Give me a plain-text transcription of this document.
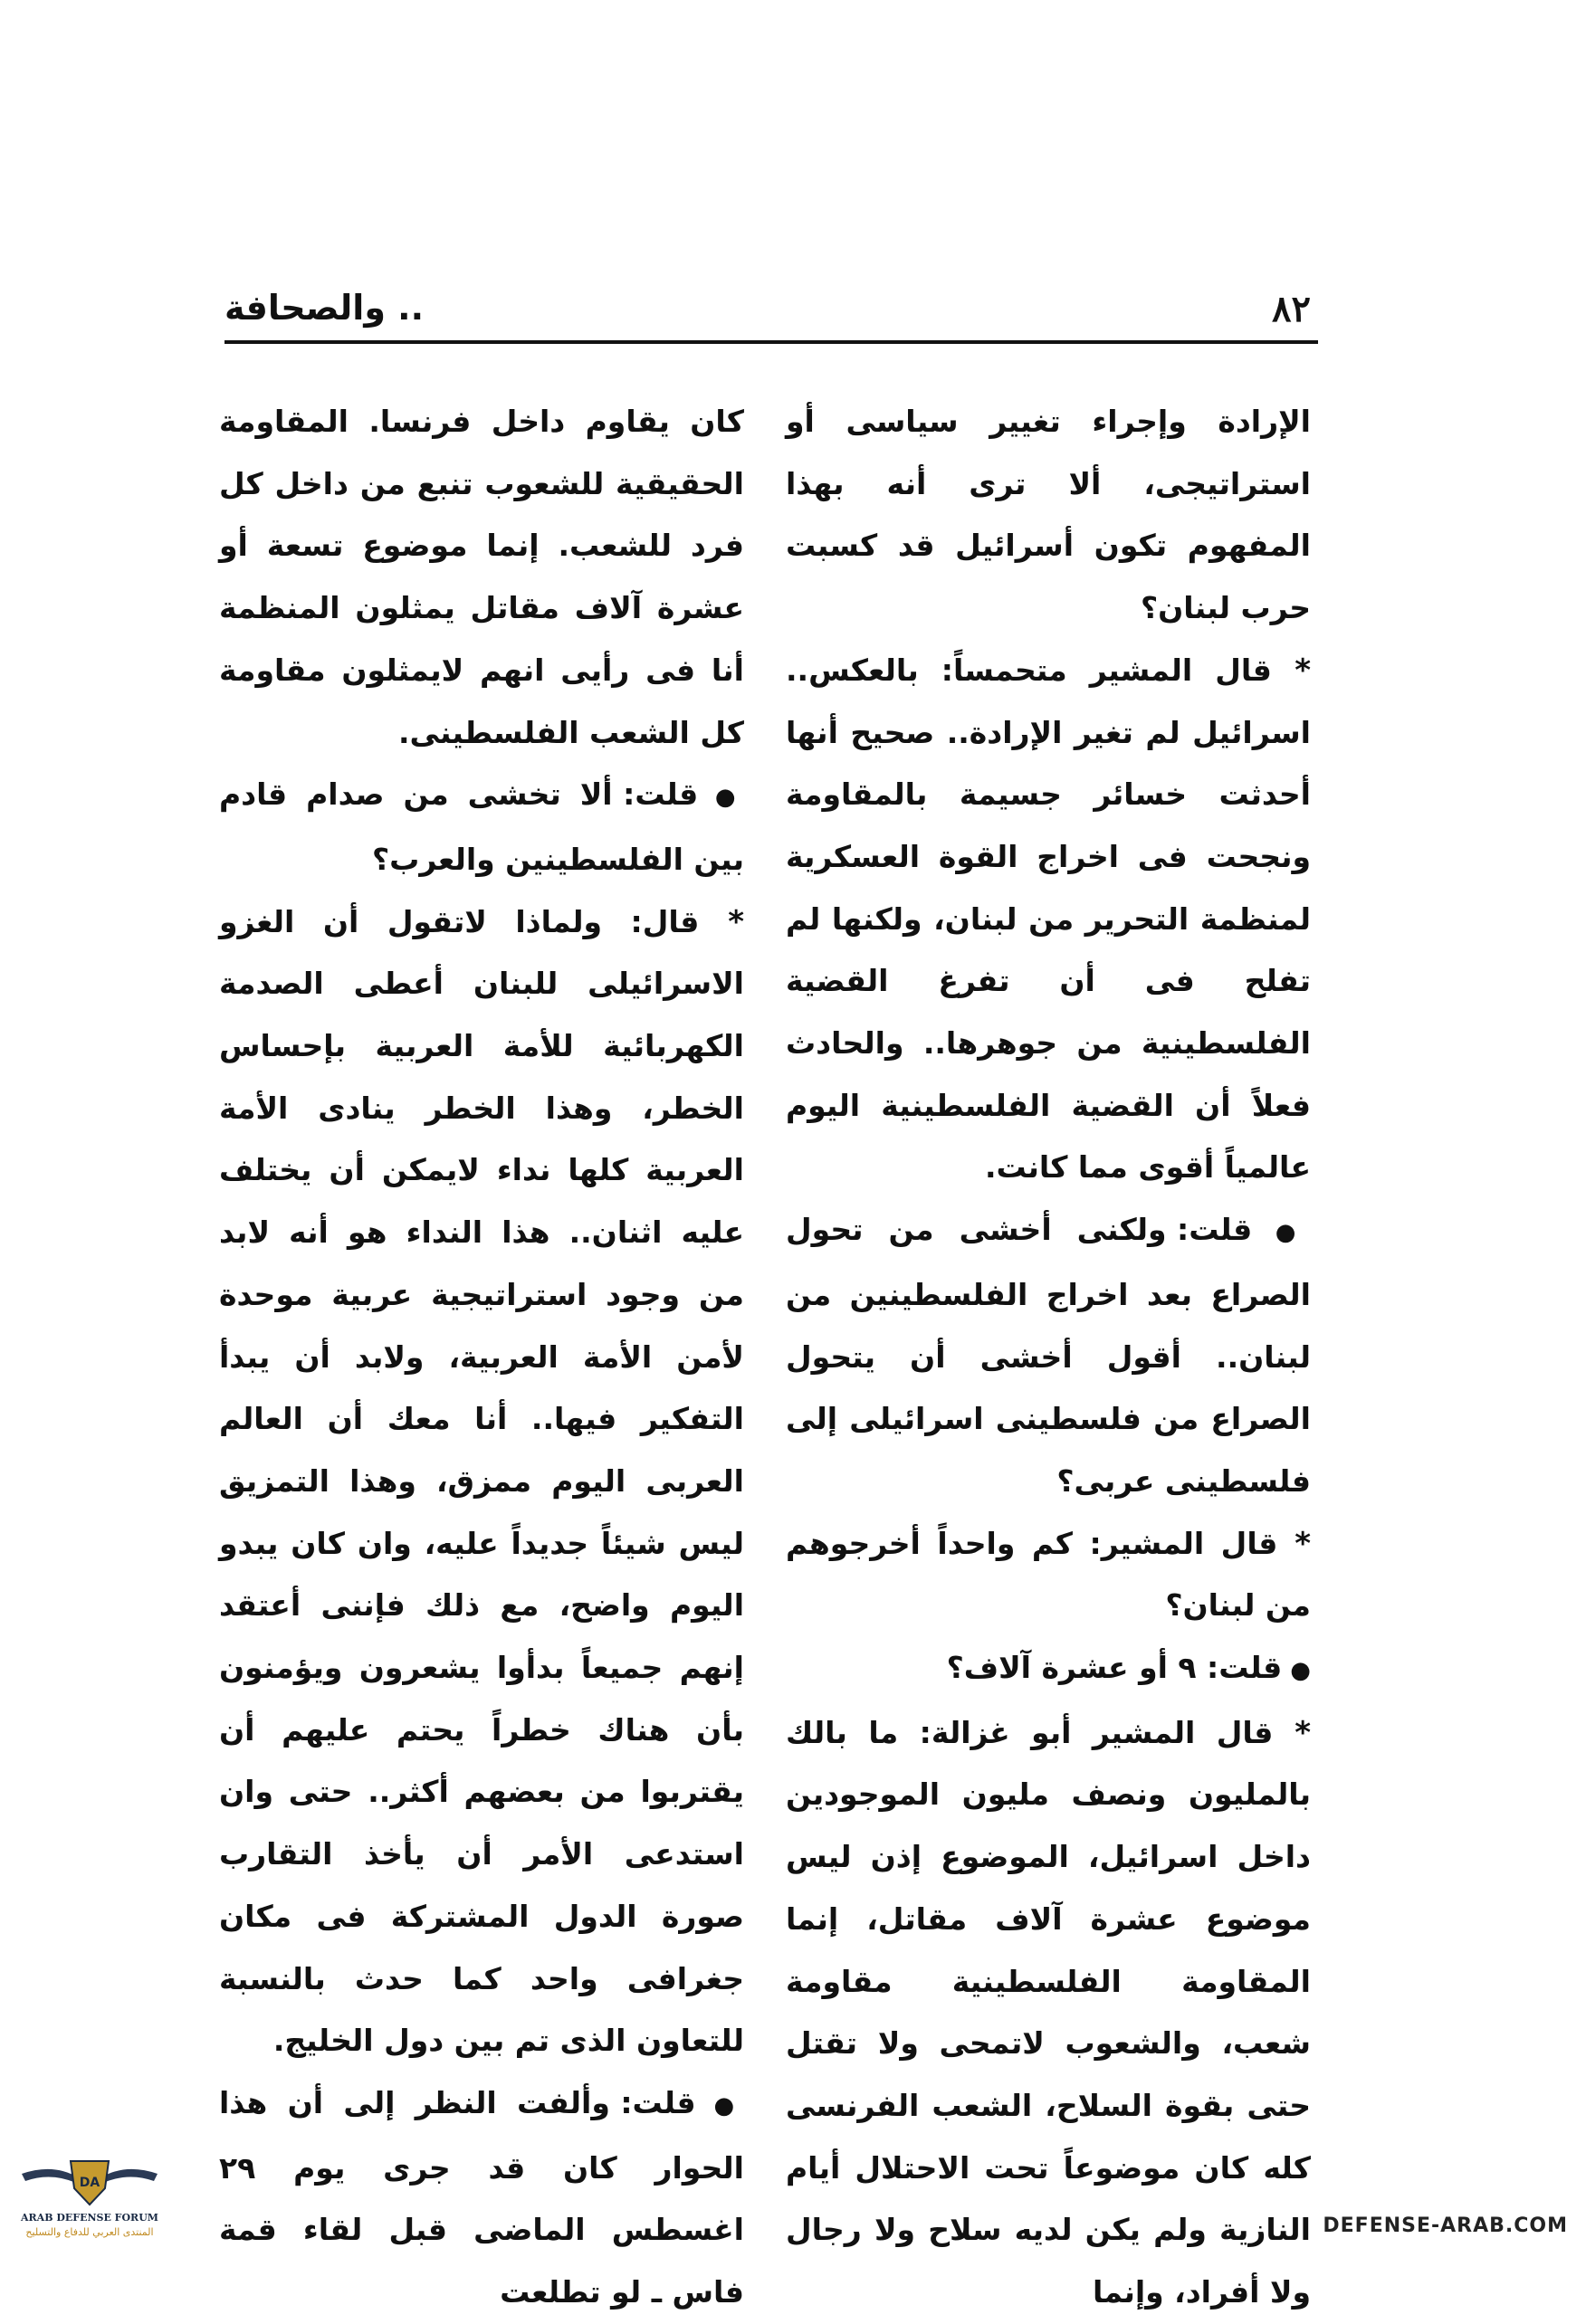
٨٢
.. والصحافة

الإرادة وإجراء تغيير سياسى أو استراتيجى، ألا ترى أنه بهذا المفهوم تكون أسرائيل قد كسبت حرب لبنان؟

* قال المشير متحمساً: بالعكس.. اسرائيل لم تغير الإرادة.. صحيح أنها أحدثت خسائر جسيمة بالمقاومة ونجحت فى اخراج القوة العسكرية لمنظمة التحرير من لبنان، ولكنها لم تفلح فى أن تفرغ القضية الفلسطينية من جوهرها.. والحادث فعلاً أن القضية الفلسطينية اليوم عالمياً أقوى مما كانت.

● قلت: ولكنى أخشى من تحول الصراع بعد اخراج الفلسطينين من لبنان.. أقول أخشى أن يتحول الصراع من فلسطينى اسرائيلى إلى فلسطينى عربى؟

* قال المشير: كم واحداً أخرجوهم من لبنان؟

● قلت: ٩ أو عشرة آلاف؟

* قال المشير أبو غزالة: ما بالك بالمليون ونصف مليون الموجودين داخل اسرائيل، الموضوع إذن ليس موضوع عشرة آلاف مقاتل، إنما المقاومة الفلسطينية مقاومة شعب، والشعوب لاتمحى ولا تقتل حتى بقوة السلاح، الشعب الفرنسى كله كان موضوعاً تحت الاحتلال أيام النازية ولم يكن لديه سلاح ولا رجال ولا أفراد، وإنما

كان يقاوم داخل فرنسا. المقاومة الحقيقية للشعوب تنبع من داخل كل فرد للشعب. إنما موضوع تسعة أو عشرة آلاف مقاتل يمثلون المنظمة أنا فى رأيى انهم لايمثلون مقاومة كل الشعب الفلسطينى.

● قلت: ألا تخشى من صدام قادم بين الفلسطينين والعرب؟

* قال: ولماذا لاتقول أن الغزو الاسرائيلى للبنان أعطى الصدمة الكهربائية للأمة العربية بإحساس الخطر، وهذا الخطر ينادى الأمة العربية كلها نداء لايمكن أن يختلف عليه اثنان.. هذا النداء هو أنه لابد من وجود استراتيجية عربية موحدة لأمن الأمة العربية، ولابد أن يبدأ التفكير فيها.. أنا معك أن العالم العربى اليوم ممزق، وهذا التمزيق ليس شيئاً جديداً عليه، وان كان يبدو اليوم واضح، مع ذلك فإننى أعتقد إنهم جميعاً بدأوا يشعرون ويؤمنون بأن هناك خطراً يحتم عليهم أن يقتربوا من بعضهم أكثر.. حتى وان استدعى الأمر أن يأخذ التقارب صورة الدول المشتركة فى مكان جغرافى واحد كما حدث بالنسبة للتعاون الذى تم بين دول الخليج.

● قلت: وألفت النظر إلى أن هذا الحوار كان قد جرى يوم ٢٩ اغسطس الماضى قبل لقاء قمة فاس ـ لو تطلعت

DA
ARAB DEFENSE FORUM
المنتدى العربي للدفاع والتسليح	DEFENSE-ARAB.COM
